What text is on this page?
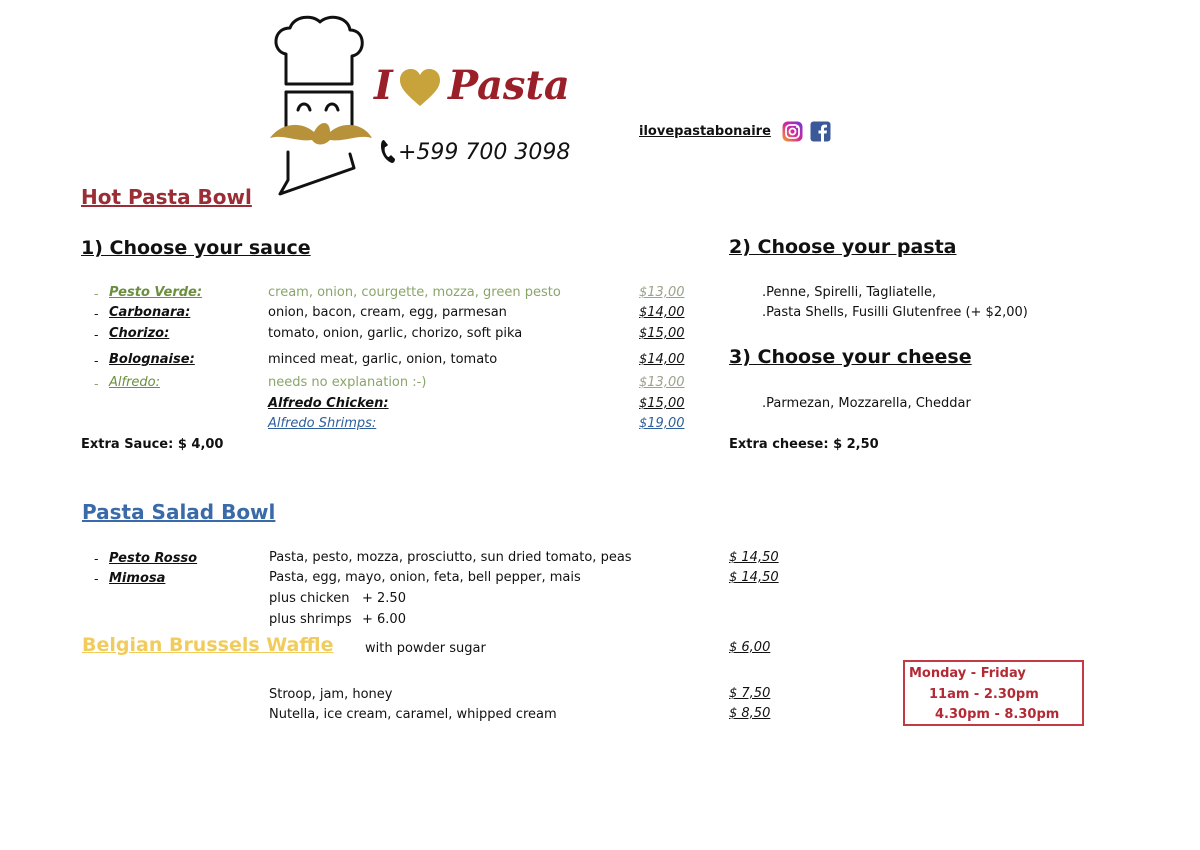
I Pasta
+599 700 3098
ilovepastabonaire
Hot Pasta Bowl
1) Choose your sauce	2) Choose your pasta
- Pesto Verde:	cream, onion, courgette, mozza, green pesto	$13,00
- Carbonara:	onion, bacon, cream, egg, parmesan	$14,00
- Chorizo:	tomato, onion, garlic, chorizo, soft pika	$15,00
- Bolognaise:	minced meat, garlic, onion, tomato	$14,00
- Alfredo:	needs no explanation :-)	$13,00
Alfredo Chicken:	$15,00
Alfredo Shrimps:	$19,00
Extra Sauce: $ 4,00
.Penne, Spirelli, Tagliatelle,
.Pasta Shells, Fusilli Glutenfree (+ $2,00)
3) Choose your cheese
.Parmezan, Mozzarella, Cheddar
Extra cheese: $ 2,50
Pasta Salad Bowl
- Pesto Rosso	Pasta, pesto, mozza, prosciutto, sun dried tomato, peas	$ 14,50
- Mimosa	Pasta, egg, mayo, onion, feta, bell pepper, mais	$ 14,50
plus chicken + 2.50
plus shrimps + 6.00
Belgian Brussels Waffle with powder sugar	$ 6,00
Stroop, jam, honey	$ 7,50
Nutella, ice cream, caramel, whipped cream	$ 8,50
Monday - Friday
11am - 2.30pm
4.30pm - 8.30pm
